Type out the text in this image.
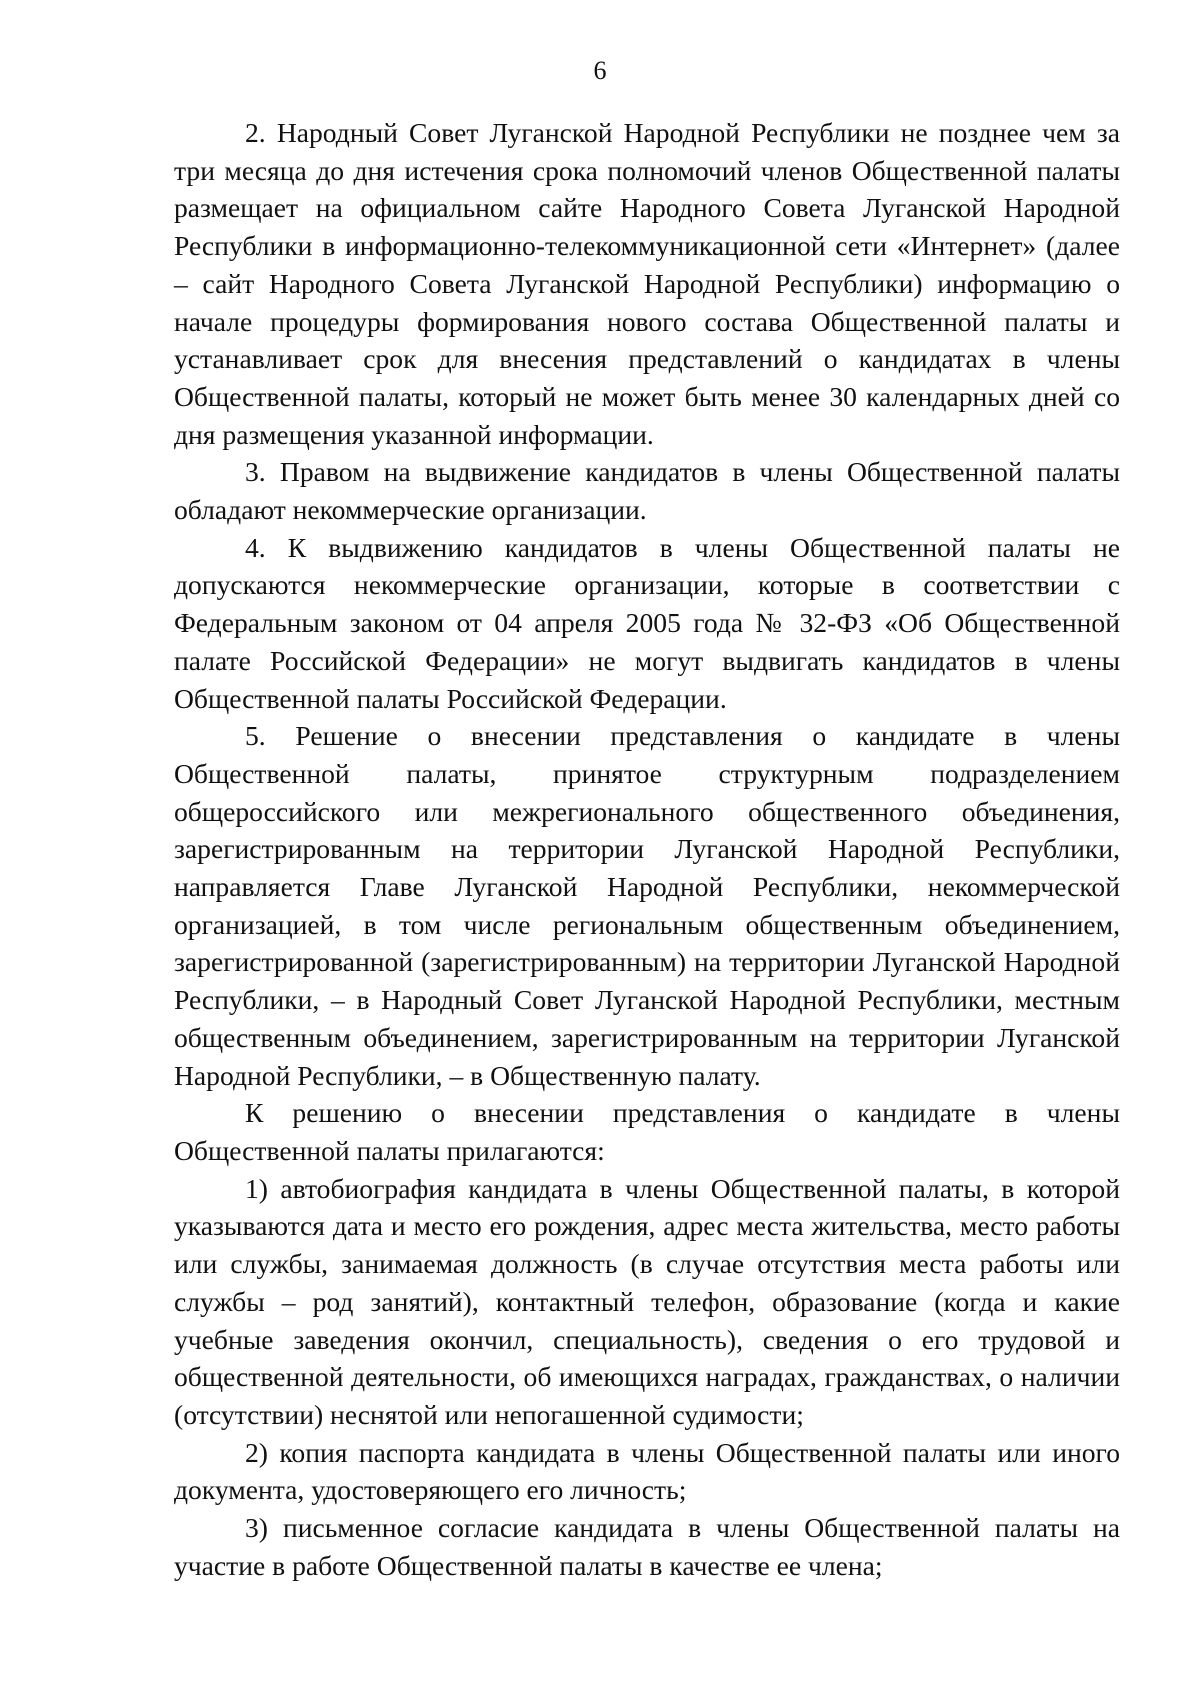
6

2. Народный Совет Луганской Народной Республики не позднее чем за три месяца до дня истечения срока полномочий членов Общественной палаты размещает на официальном сайте Народного Совета Луганской Народной Республики в информационно-телекоммуникационной сети «Интернет» (далее – сайт Народного Совета Луганской Народной Республики) информацию о начале процедуры формирования нового состава Общественной палаты и устанавливает срок для внесения представлений о кандидатах в члены Общественной палаты, который не может быть менее 30 календарных дней со дня размещения указанной информации.

3. Правом на выдвижение кандидатов в члены Общественной палаты обладают некоммерческие организации.

4. К выдвижению кандидатов в члены Общественной палаты не допускаются некоммерческие организации, которые в соответствии с Федеральным законом от 04 апреля 2005 года № 32-ФЗ «Об Общественной палате Российской Федерации» не могут выдвигать кандидатов в члены Общественной палаты Российской Федерации.

5. Решение о внесении представления о кандидате в члены Общественной палаты, принятое структурным подразделением общероссийского или межрегионального общественного объединения, зарегистрированным на территории Луганской Народной Республики, направляется Главе Луганской Народной Республики, некоммерческой организацией, в том числе региональным общественным объединением, зарегистрированной (зарегистрированным) на территории Луганской Народной Республики, – в Народный Совет Луганской Народной Республики, местным общественным объединением, зарегистрированным на территории Луганской Народной Республики, – в Общественную палату.

К решению о внесении представления о кандидате в члены Общественной палаты прилагаются:

1) автобиография кандидата в члены Общественной палаты, в которой указываются дата и место его рождения, адрес места жительства, место работы или службы, занимаемая должность (в случае отсутствия места работы или службы – род занятий), контактный телефон, образование (когда и какие учебные заведения окончил, специальность), сведения о его трудовой и общественной деятельности, об имеющихся наградах, гражданствах, о наличии (отсутствии) неснятой или непогашенной судимости;

2) копия паспорта кандидата в члены Общественной палаты или иного документа, удостоверяющего его личность;

3) письменное согласие кандидата в члены Общественной палаты на участие в работе Общественной палаты в качестве ее члена;
